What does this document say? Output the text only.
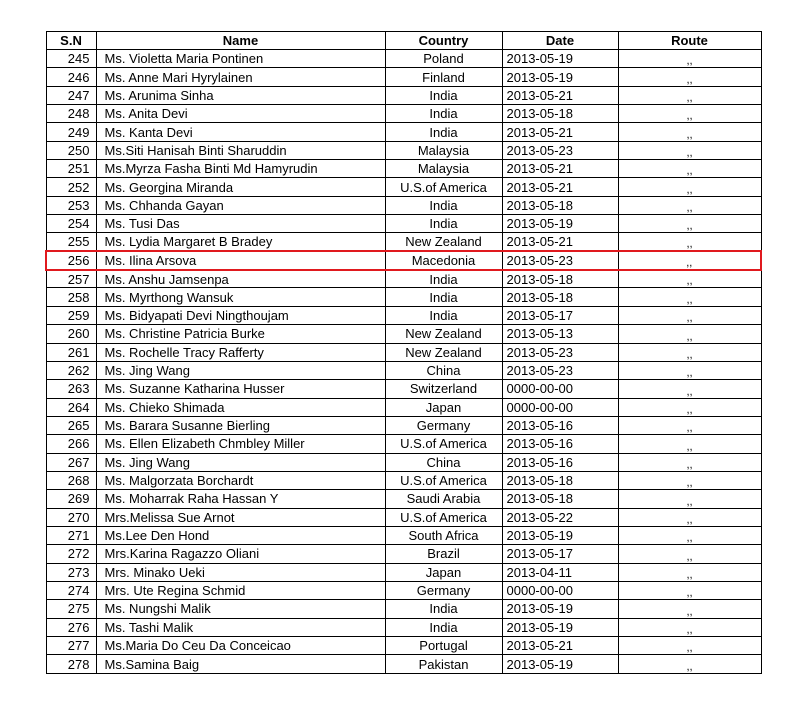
S.N	Name	Country	Date	Route
245	Ms. Violetta Maria Pontinen	Poland	2013-05-19	,,
246	Ms. Anne Mari Hyrylainen	Finland	2013-05-19	,,
247	Ms. Arunima Sinha	India	2013-05-21	,,
248	Ms. Anita Devi	India	2013-05-18	,,
249	Ms. Kanta Devi	India	2013-05-21	,,
250	Ms.Siti Hanisah Binti Sharuddin	Malaysia	2013-05-23	,,
251	Ms.Myrza Fasha Binti Md Hamyrudin	Malaysia	2013-05-21	,,
252	Ms. Georgina Miranda	U.S.of America	2013-05-21	,,
253	Ms. Chhanda Gayan	India	2013-05-18	,,
254	Ms. Tusi Das	India	2013-05-19	,,
255	Ms. Lydia Margaret B Bradey	New Zealand	2013-05-21	,,
256	Ms. Ilina Arsova	Macedonia	2013-05-23	,,
257	Ms. Anshu Jamsenpa	India	2013-05-18	,,
258	Ms. Myrthong Wansuk	India	2013-05-18	,,
259	Ms. Bidyapati Devi Ningthoujam	India	2013-05-17	,,
260	Ms. Christine Patricia Burke	New Zealand	2013-05-13	,,
261	Ms. Rochelle Tracy Rafferty	New Zealand	2013-05-23	,,
262	Ms. Jing Wang	China	2013-05-23	,,
263	Ms. Suzanne Katharina Husser	Switzerland	0000-00-00	,,
264	Ms. Chieko Shimada	Japan	0000-00-00	,,
265	Ms. Barara Susanne Bierling	Germany	2013-05-16	,,
266	Ms. Ellen Elizabeth Chmbley Miller	U.S.of America	2013-05-16	,,
267	Ms. Jing Wang	China	2013-05-16	,,
268	Ms. Malgorzata Borchardt	U.S.of America	2013-05-18	,,
269	Ms. Moharrak Raha Hassan Y	Saudi Arabia	2013-05-18	,,
270	Mrs.Melissa Sue Arnot	U.S.of America	2013-05-22	,,
271	Ms.Lee Den Hond	South Africa	2013-05-19	,,
272	Mrs.Karina Ragazzo Oliani	Brazil	2013-05-17	,,
273	Mrs. Minako Ueki	Japan	2013-04-11	,,
274	Mrs. Ute Regina Schmid	Germany	0000-00-00	,,
275	Ms. Nungshi Malik	India	2013-05-19	,,
276	Ms. Tashi Malik	India	2013-05-19	,,
277	Ms.Maria Do Ceu Da Conceicao	Portugal	2013-05-21	,,
278	Ms.Samina Baig	Pakistan	2013-05-19	,,
